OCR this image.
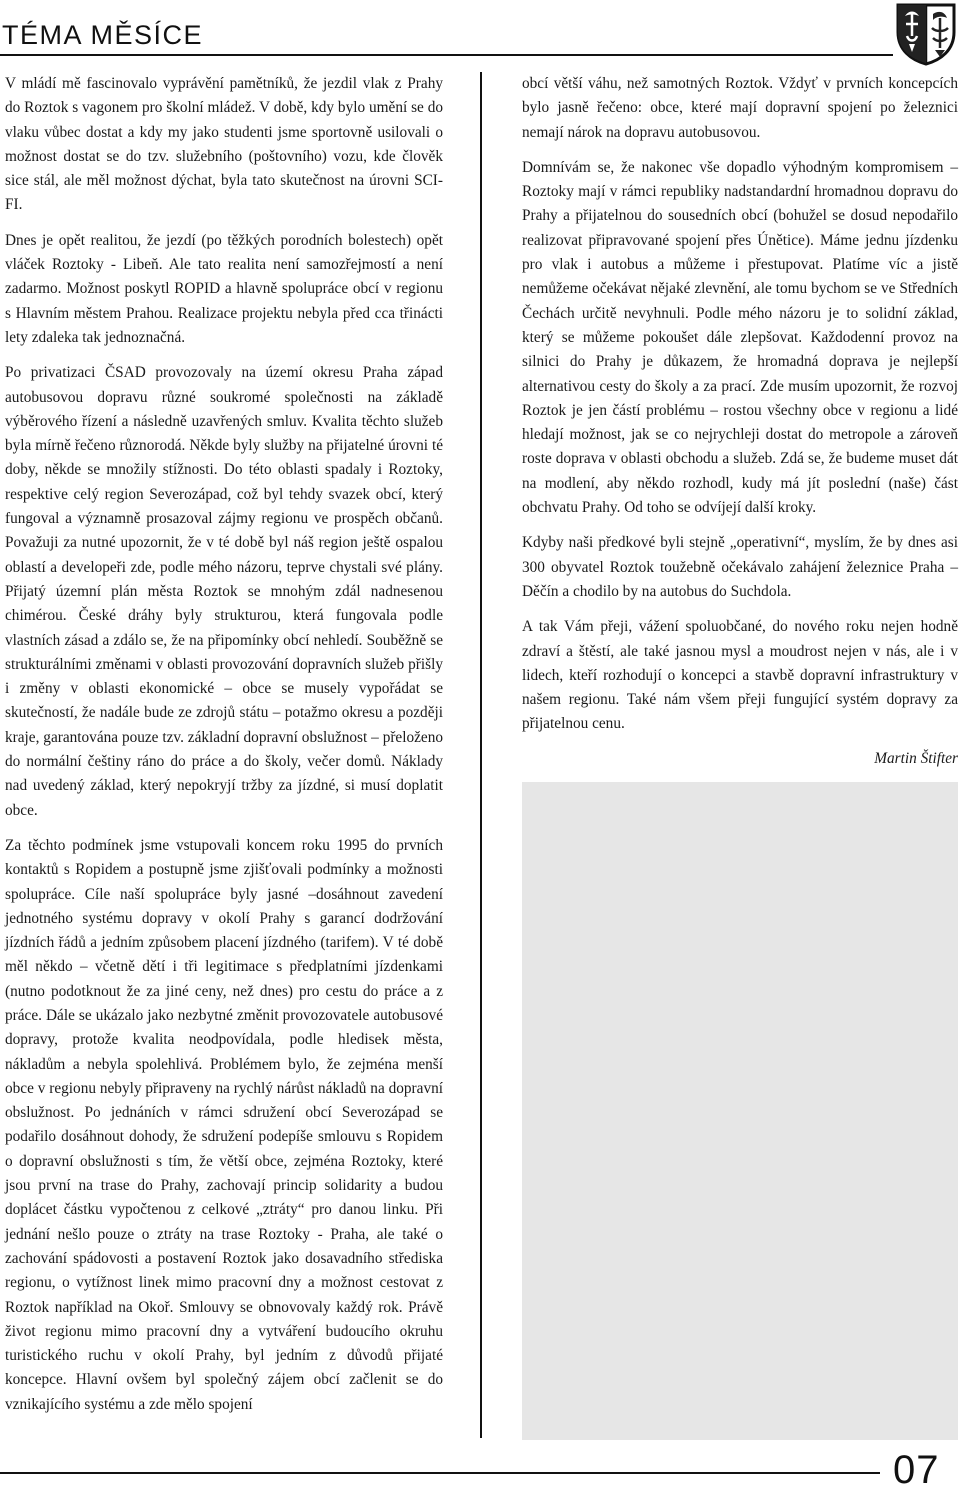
TÉMA MĚSÍCE

V mládí mě fascinovalo vyprávění pamětníků, že jezdil vlak z Prahy do Roztok s vagonem pro školní mládež. V době, kdy bylo umění se do vlaku vůbec dostat a kdy my jako studenti jsme sportovně usilovali o možnost dostat se do tzv. služebního (poštovního) vozu, kde člověk sice stál, ale měl možnost dýchat, byla tato skutečnost na úrovni SCI-FI.

Dnes je opět realitou, že jezdí (po těžkých porodních bolestech) opět vláček Roztoky - Libeň. Ale tato realita není samozřejmostí a není zadarmo. Možnost poskytl ROPID a hlavně spolupráce obcí v regionu s Hlavním městem Prahou. Realizace projektu nebyla před cca třinácti lety zdaleka tak jednoznačná.

Po privatizaci ČSAD provozovaly na území okresu Praha západ autobusovou dopravu různé soukromé společnosti na základě výběrového řízení a následně uzavřených smluv. Kvalita těchto služeb byla mírně řečeno různorodá. Někde byly služby na přijatelné úrovni té doby, někde se množily stížnosti. Do této oblasti spadaly i Roztoky, respektive celý region Severozápad, což byl tehdy svazek obcí, který fungoval a významně prosazoval zájmy regionu ve prospěch občanů. Považuji za nutné upozornit, že v té době byl náš region ještě ospalou oblastí a developeři zde, podle mého názoru, teprve chystali své plány. Přijatý územní plán města Roztok se mnohým zdál nadnesenou chimérou. České dráhy byly strukturou, která fungovala podle vlastních zásad a zdálo se, že na připomínky obcí nehledí. Souběžně se strukturálními změnami v oblasti provozování dopravních služeb přišly i změny v oblasti ekonomické – obce se musely vypořádat se skutečností, že nadále bude ze zdrojů státu – potažmo okresu a později kraje, garantována pouze tzv. základní dopravní obslužnost – přeloženo do normální češtiny ráno do práce a do školy, večer domů. Náklady nad uvedený základ, který nepokryjí tržby za jízdné, si musí doplatit obce.

Za těchto podmínek jsme vstupovali koncem roku 1995 do prvních kontaktů s Ropidem a postupně jsme zjišťovali podmínky a možnosti spolupráce. Cíle naší spolupráce byly jasné –dosáhnout zavedení jednotného systému dopravy v okolí Prahy s garancí dodržování jízdních řádů a jedním způsobem placení jízdného (tarifem). V té době měl někdo – včetně dětí i tři legitimace s předplatními jízdenkami (nutno podotknout že za jiné ceny, než dnes) pro cestu do práce a z práce. Dále se ukázalo jako nezbytné změnit provozovatele autobusové dopravy, protože kvalita neodpovídala, podle hledisek města, nákladům a nebyla spolehlivá. Problémem bylo, že zejména menší obce v regionu nebyly připraveny na rychlý nárůst nákladů na dopravní obslužnost. Po jednáních v rámci sdružení obcí Severozápad se podařilo dosáhnout dohody, že sdružení podepíše smlouvu s Ropidem o dopravní obslužnosti s tím, že větší obce, zejména Roztoky, které jsou první na trase do Prahy, zachovají princip solidarity a budou doplácet částku vypočtenou z celkové „ztráty“ pro danou linku. Při jednání nešlo pouze o ztráty na trase Roztoky - Praha, ale také o zachování spádovosti a postavení Roztok jako dosavadního střediska regionu, o vytížnost linek mimo pracovní dny a možnost cestovat z Roztok například na Okoř. Smlouvy se obnovovaly každý rok. Právě život regionu mimo pracovní dny a vytváření budoucího okruhu turistického ruchu v okolí Prahy, byl jedním z důvodů přijaté koncepce. Hlavní ovšem byl společný zájem obcí začlenit se do vznikajícího systému a zde mělo spojení

obcí větší váhu, než samotných Roztok. Vždyť v prvních koncepcích bylo jasně řečeno: obce, které mají dopravní spojení po železnici nemají nárok na dopravu autobusovou.

Domnívám se, že nakonec vše dopadlo výhodným kompromisem – Roztoky mají v rámci republiky nadstandardní hromadnou dopravu do Prahy a přijatelnou do sousedních obcí (bohužel se dosud nepodařilo realizovat připravované spojení přes Únětice). Máme jednu jízdenku pro vlak i autobus a můžeme i přestupovat. Platíme víc a jistě nemůžeme očekávat nějaké zlevnění, ale tomu bychom se ve Středních Čechách určitě nevyhnuli. Podle mého názoru je to solidní základ, který se můžeme pokoušet dále zlepšovat. Každodenní provoz na silnici do Prahy je důkazem, že hromadná doprava je nejlepší alternativou cesty do školy a za prací. Zde musím upozornit, že rozvoj Roztok je jen částí problému – rostou všechny obce v regionu a lidé hledají možnost, jak se co nejrychleji dostat do metropole a zároveň roste doprava v oblasti obchodu a služeb. Zdá se, že budeme muset dát na modlení, aby někdo rozhodl, kudy má jít poslední (naše) část obchvatu Prahy. Od toho se odvíjejí další kroky.

Kdyby naši předkové byli stejně „operativní“, myslím, že by dnes asi 300 obyvatel Roztok toužebně očekávalo zahájení železnice Praha – Děčín a chodilo by na autobus do Suchdola.

A tak Vám přeji, vážení spoluobčané, do nového roku nejen hodně zdraví a štěstí, ale také jasnou mysl a moudrost nejen v nás, ale i v lidech, kteří rozhodují o koncepci a stavbě dopravní infrastruktury v našem regionu. Také nám všem přeji fungující systém dopravy za přijatelnou cenu.

Martin Štifter
07
